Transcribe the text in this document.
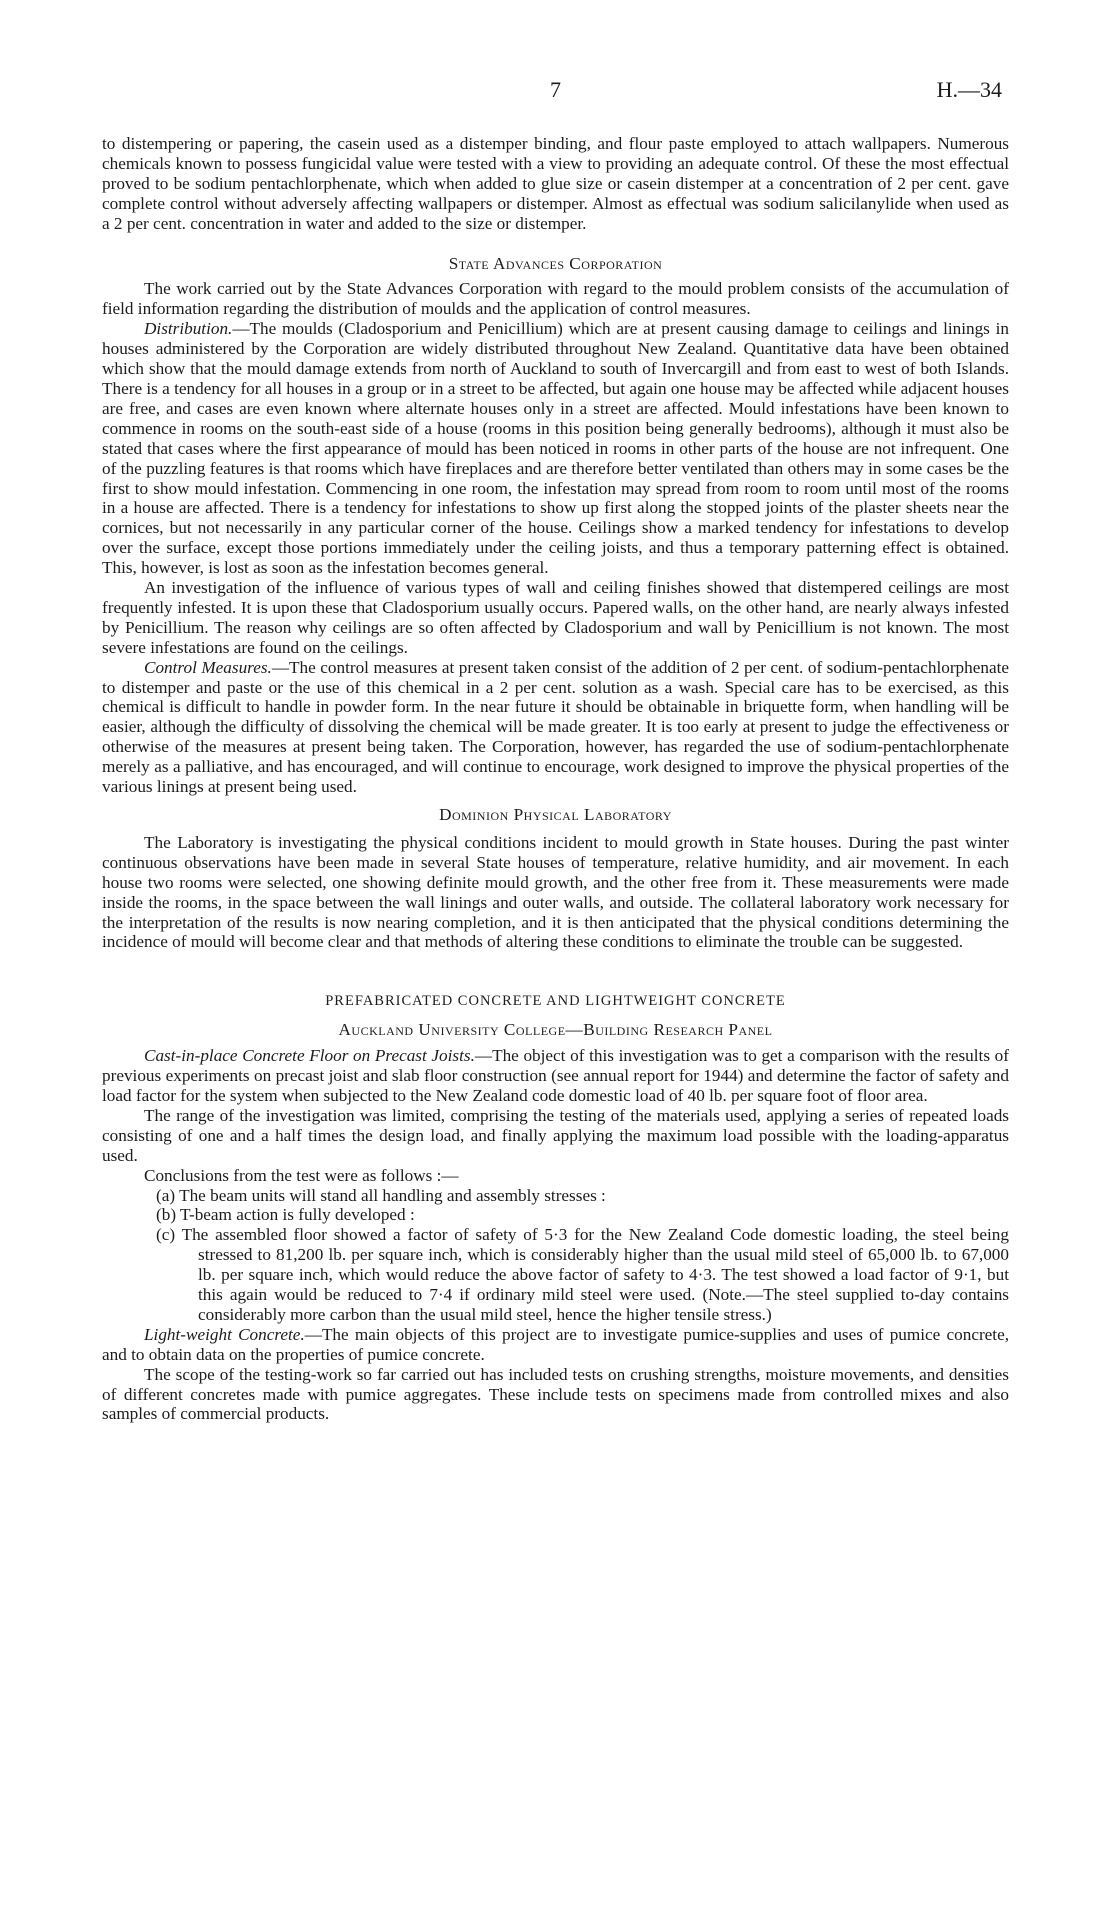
7	H.—34

to distempering or papering, the casein used as a distemper binding, and flour paste employed to attach wallpapers. Numerous chemicals known to possess fungicidal value were tested with a view to providing an adequate control. Of these the most effectual proved to be sodium pentachlorphenate, which when added to glue size or casein distemper at a concentration of 2 per cent. gave complete control without adversely affecting wallpapers or distemper. Almost as effectual was sodium salicilanylide when used as a 2 per cent. concentration in water and added to the size or distemper.

State Advances Corporation

The work carried out by the State Advances Corporation with regard to the mould problem consists of the accumulation of field information regarding the distribution of moulds and the application of control measures.

Distribution.—The moulds (Cladosporium and Penicillium) which are at present causing damage to ceilings and linings in houses administered by the Corporation are widely distributed throughout New Zealand. Quantitative data have been obtained which show that the mould damage extends from north of Auckland to south of Invercargill and from east to west of both Islands. There is a tendency for all houses in a group or in a street to be affected, but again one house may be affected while adjacent houses are free, and cases are even known where alternate houses only in a street are affected. Mould infestations have been known to commence in rooms on the south-east side of a house (rooms in this position being generally bedrooms), although it must also be stated that cases where the first appearance of mould has been noticed in rooms in other parts of the house are not infrequent. One of the puzzling features is that rooms which have fireplaces and are therefore better ventilated than others may in some cases be the first to show mould infestation. Commencing in one room, the infestation may spread from room to room until most of the rooms in a house are affected. There is a tendency for infestations to show up first along the stopped joints of the plaster sheets near the cornices, but not necessarily in any particular corner of the house. Ceilings show a marked tendency for infestations to develop over the surface, except those portions immediately under the ceiling joists, and thus a temporary patterning effect is obtained. This, however, is lost as soon as the infestation becomes general.

An investigation of the influence of various types of wall and ceiling finishes showed that distempered ceilings are most frequently infested. It is upon these that Cladosporium usually occurs. Papered walls, on the other hand, are nearly always infested by Penicillium. The reason why ceilings are so often affected by Cladosporium and wall by Penicillium is not known. The most severe infestations are found on the ceilings.

Control Measures.—The control measures at present taken consist of the addition of 2 per cent. of sodium-pentachlorphenate to distemper and paste or the use of this chemical in a 2 per cent. solution as a wash. Special care has to be exercised, as this chemical is difficult to handle in powder form. In the near future it should be obtainable in briquette form, when handling will be easier, although the difficulty of dissolving the chemical will be made greater. It is too early at present to judge the effectiveness or otherwise of the measures at present being taken. The Corporation, however, has regarded the use of sodium-pentachlorphenate merely as a palliative, and has encouraged, and will continue to encourage, work designed to improve the physical properties of the various linings at present being used.

Dominion Physical Laboratory

The Laboratory is investigating the physical conditions incident to mould growth in State houses. During the past winter continuous observations have been made in several State houses of temperature, relative humidity, and air movement. In each house two rooms were selected, one showing definite mould growth, and the other free from it. These measurements were made inside the rooms, in the space between the wall linings and outer walls, and outside. The collateral laboratory work necessary for the interpretation of the results is now nearing completion, and it is then anticipated that the physical conditions determining the incidence of mould will become clear and that methods of altering these conditions to eliminate the trouble can be suggested.

PREFABRICATED CONCRETE AND LIGHTWEIGHT CONCRETE

Auckland University College—Building Research Panel

Cast-in-place Concrete Floor on Precast Joists.—The object of this investigation was to get a comparison with the results of previous experiments on precast joist and slab floor construction (see annual report for 1944) and determine the factor of safety and load factor for the system when subjected to the New Zealand code domestic load of 40 lb. per square foot of floor area.

The range of the investigation was limited, comprising the testing of the materials used, applying a series of repeated loads consisting of one and a half times the design load, and finally applying the maximum load possible with the loading-apparatus used.

Conclusions from the test were as follows :—

(a) The beam units will stand all handling and assembly stresses :

(b) T-beam action is fully developed :

(c) The assembled floor showed a factor of safety of 5·3 for the New Zealand Code domestic loading, the steel being stressed to 81,200 lb. per square inch, which is considerably higher than the usual mild steel of 65,000 lb. to 67,000 lb. per square inch, which would reduce the above factor of safety to 4·3. The test showed a load factor of 9·1, but this again would be reduced to 7·4 if ordinary mild steel were used. (Note.—The steel supplied to-day contains considerably more carbon than the usual mild steel, hence the higher tensile stress.)

Light-weight Concrete.—The main objects of this project are to investigate pumice-supplies and uses of pumice concrete, and to obtain data on the properties of pumice concrete.

The scope of the testing-work so far carried out has included tests on crushing strengths, moisture movements, and densities of different concretes made with pumice aggregates. These include tests on specimens made from controlled mixes and also samples of commercial products.
